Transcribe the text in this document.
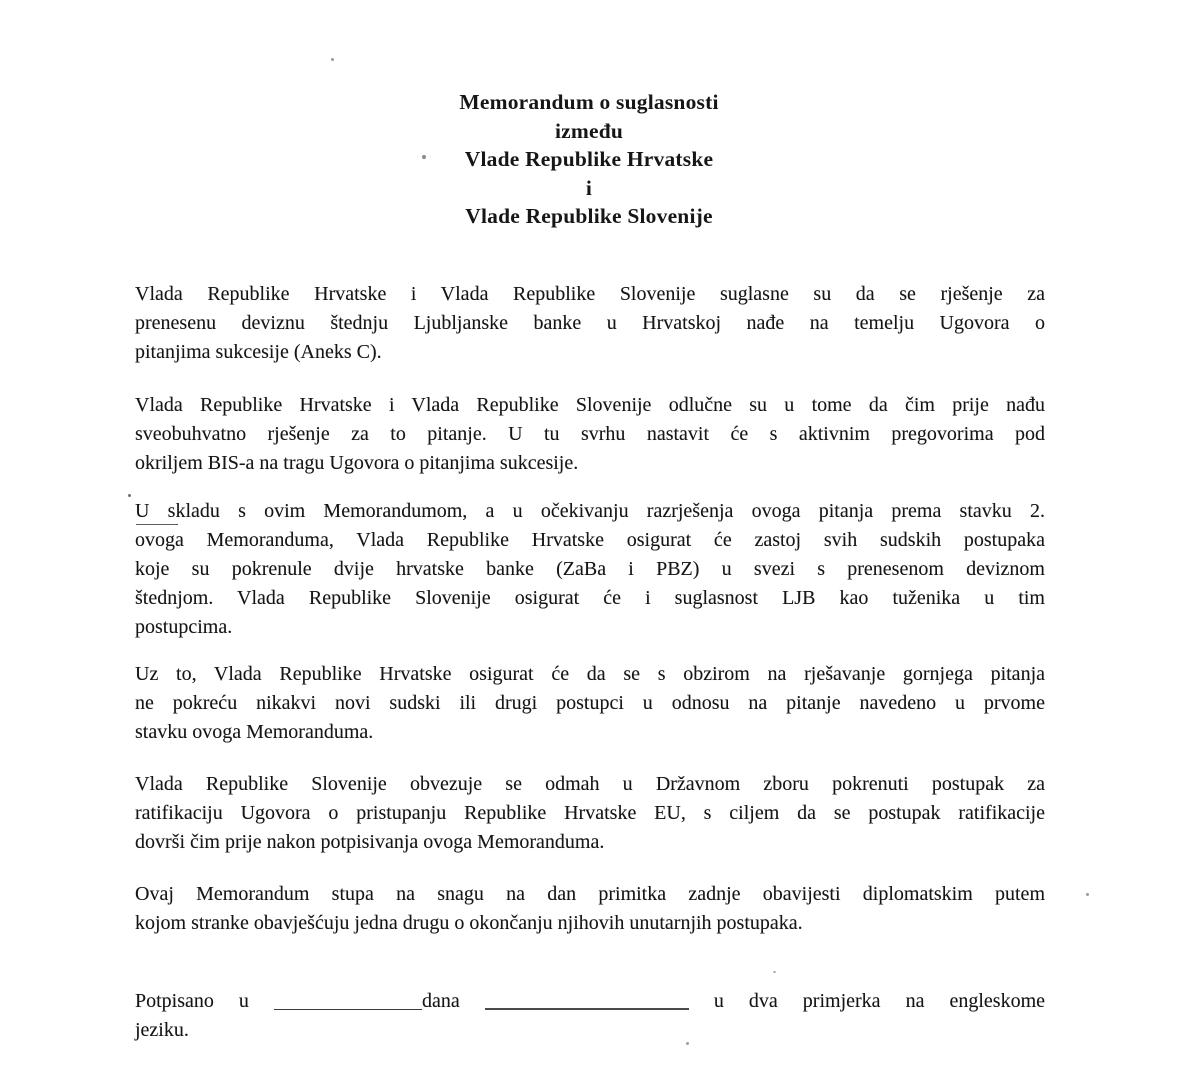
Memorandum o suglasnosti
između
Vlade Republike Hrvatske
i
Vlade Republike Slovenije
Vlada Republike Hrvatske i Vlada Republike Slovenije suglasne su da se rješenje za
prenesenu deviznu štednju Ljubljanske banke u Hrvatskoj nađe na temelju Ugovora o
pitanjima sukcesije (Aneks C).
Vlada Republike Hrvatske i Vlada Republike Slovenije odlučne su u tome da čim prije nađu
sveobuhvatno rješenje za to pitanje. U tu svrhu nastavit će s aktivnim pregovorima pod
okriljem BIS-a na tragu Ugovora o pitanjima sukcesije.
U skladu s ovim Memorandumom, a u očekivanju razrješenja ovoga pitanja prema stavku 2.
ovoga Memoranduma, Vlada Republike Hrvatske osigurat će zastoj svih sudskih postupaka
koje su pokrenule dvije hrvatske banke (ZaBa i PBZ) u svezi s prenesenom deviznom
štednjom. Vlada Republike Slovenije osigurat će i suglasnost LJB kao tuženika u tim
postupcima.
Uz to, Vlada Republike Hrvatske osigurat će da se s obzirom na rješavanje gornjega pitanja
ne pokreću nikakvi novi sudski ili drugi postupci u odnosu na pitanje navedeno u prvome
stavku ovoga Memoranduma.
Vlada Republike Slovenije obvezuje se odmah u Državnom zboru pokrenuti postupak za
ratifikaciju Ugovora o pristupanju Republike Hrvatske EU, s ciljem da se postupak ratifikacije
dovrši čim prije nakon potpisivanja ovoga Memoranduma.
Ovaj Memorandum stupa na snagu na dan primitka zadnje obavijesti diplomatskim putem
kojom stranke obavješćuju jedna drugu o okončanju njihovih unutarnjih postupaka.
Potpisano u	dana	u dva primjerka na engleskome
jeziku.
